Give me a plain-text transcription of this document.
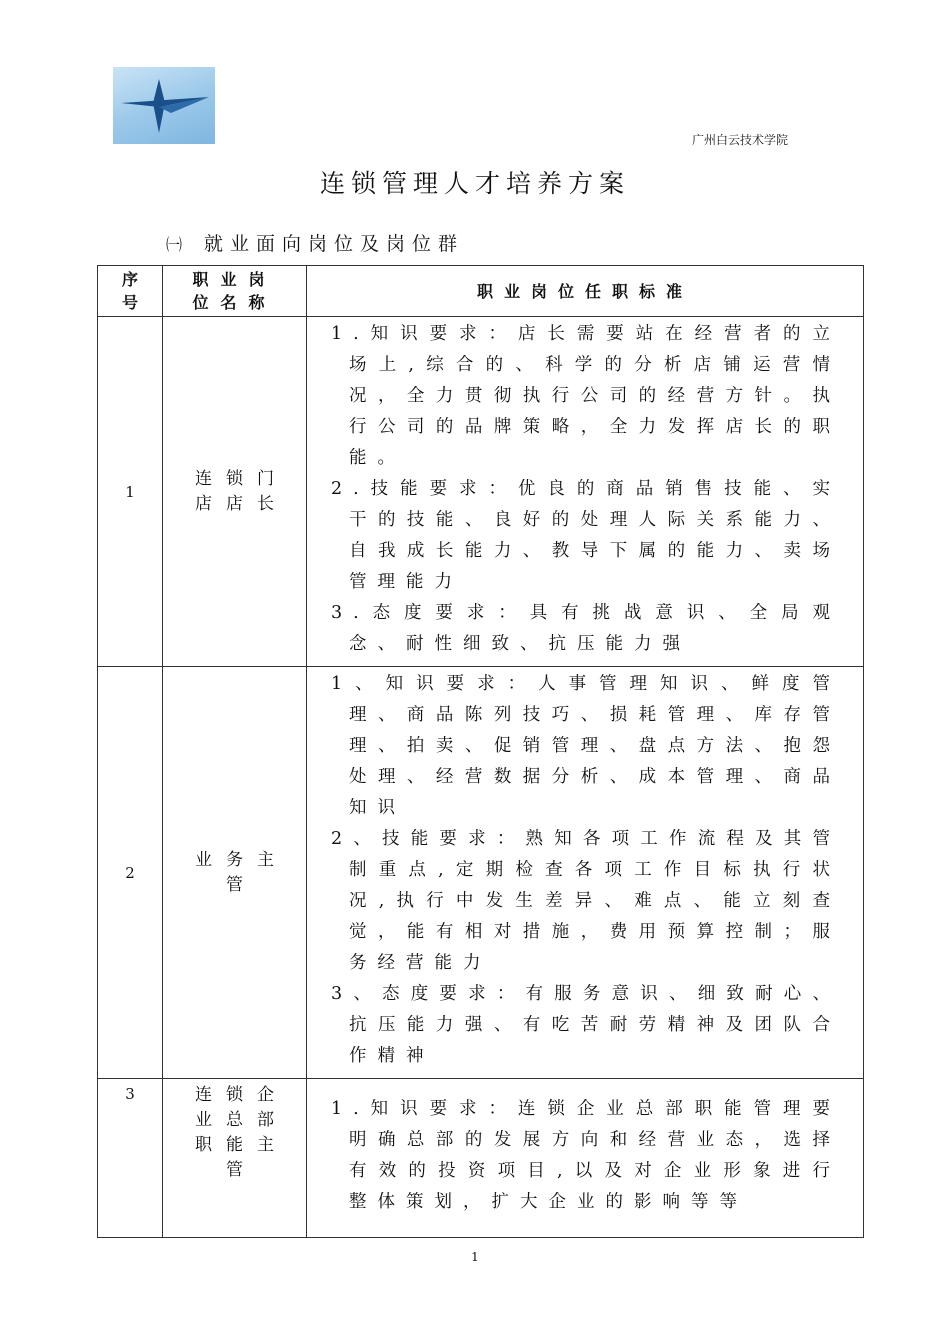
广州白云技术学院
连锁管理人才培养方案
㈠ 就业面向岗位及岗位群
序号	职业岗位名称	职业岗位任职标准
1	连锁门店店长	1.知识要求：店长需要站在经营者的立场上,综合的、科学的分析店铺运营情况，全力贯彻执行公司的经营方针。执行公司的品牌策略，全力发挥店长的职能。
2.技能要求：优良的商品销售技能、实干的技能、良好的处理人际关系能力、自我成长能力、教导下属的能力、卖场管理能力
3.态度要求：具有挑战意识、全局观念、耐性细致、抗压能力强

2	业务主管	1、知识要求：人事管理知识、鲜度管理、商品陈列技巧、损耗管理、库存管理、拍卖、促销管理、盘点方法、抱怨处理、经营数据分析、成本管理、商品知识
2、技能要求：熟知各项工作流程及其管制重点,定期检查各项工作目标执行状况,执行中发生差异、难点、能立刻查觉，能有相对措施，费用预算控制；服务经营能力
3、态度要求：有服务意识、细致耐心、抗压能力强、有吃苦耐劳精神及团队合作精神

3	连锁企业总部职能主管	1.知识要求：连锁企业总部职能管理要明确总部的发展方向和经营业态，选择有效的投资项目,以及对企业形象进行整体策划，扩大企业的影响等等
1
